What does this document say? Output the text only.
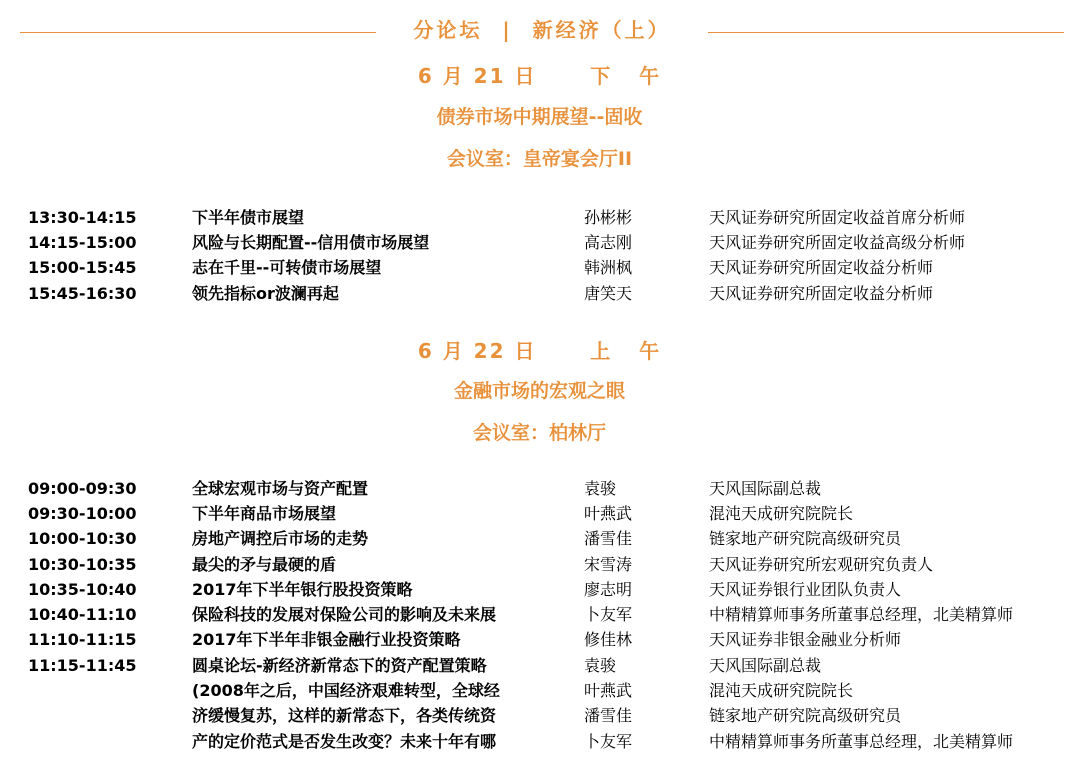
分论坛  |  新经济（上）
6 月 21 日      下   午
债券市场中期展望--固收
会议室：皇帝宴会厅II
13:30-14:15	下半年债市展望	孙彬彬	天风证券研究所固定收益首席分析师
14:15-15:00	风险与长期配置--信用债市场展望	高志刚	天风证券研究所固定收益高级分析师
15:00-15:45	志在千里--可转债市场展望	韩洲枫	天风证券研究所固定收益分析师
15:45-16:30	领先指标or波澜再起	唐笑天	天风证券研究所固定收益分析师
6 月 22 日      上   午
金融市场的宏观之眼
会议室：柏林厅
09:00-09:30	全球宏观市场与资产配置	袁骏	天风国际副总裁
09:30-10:00	下半年商品市场展望	叶燕武	混沌天成研究院院长
10:00-10:30	房地产调控后市场的走势	潘雪佳	链家地产研究院高级研究员
10:30-10:35	最尖的矛与最硬的盾	宋雪涛	天风证券研究所宏观研究负责人
10:35-10:40	2017年下半年银行股投资策略	廖志明	天风证券银行业团队负责人
10:40-11:10	保险科技的发展对保险公司的影响及未来展	卜友军	中精精算师事务所董事总经理，北美精算师
11:10-11:15	2017年下半年非银金融行业投资策略	修佳林	天风证券非银金融业分析师
11:15-11:45	圆桌论坛-新经济新常态下的资产配置策略	袁骏	天风国际副总裁
(2008年之后，中国经济艰难转型，全球经	叶燕武	混沌天成研究院院长
济缓慢复苏，这样的新常态下，各类传统资	潘雪佳	链家地产研究院高级研究员
产的定价范式是否发生改变？未来十年有哪	卜友军	中精精算师事务所董事总经理，北美精算师
